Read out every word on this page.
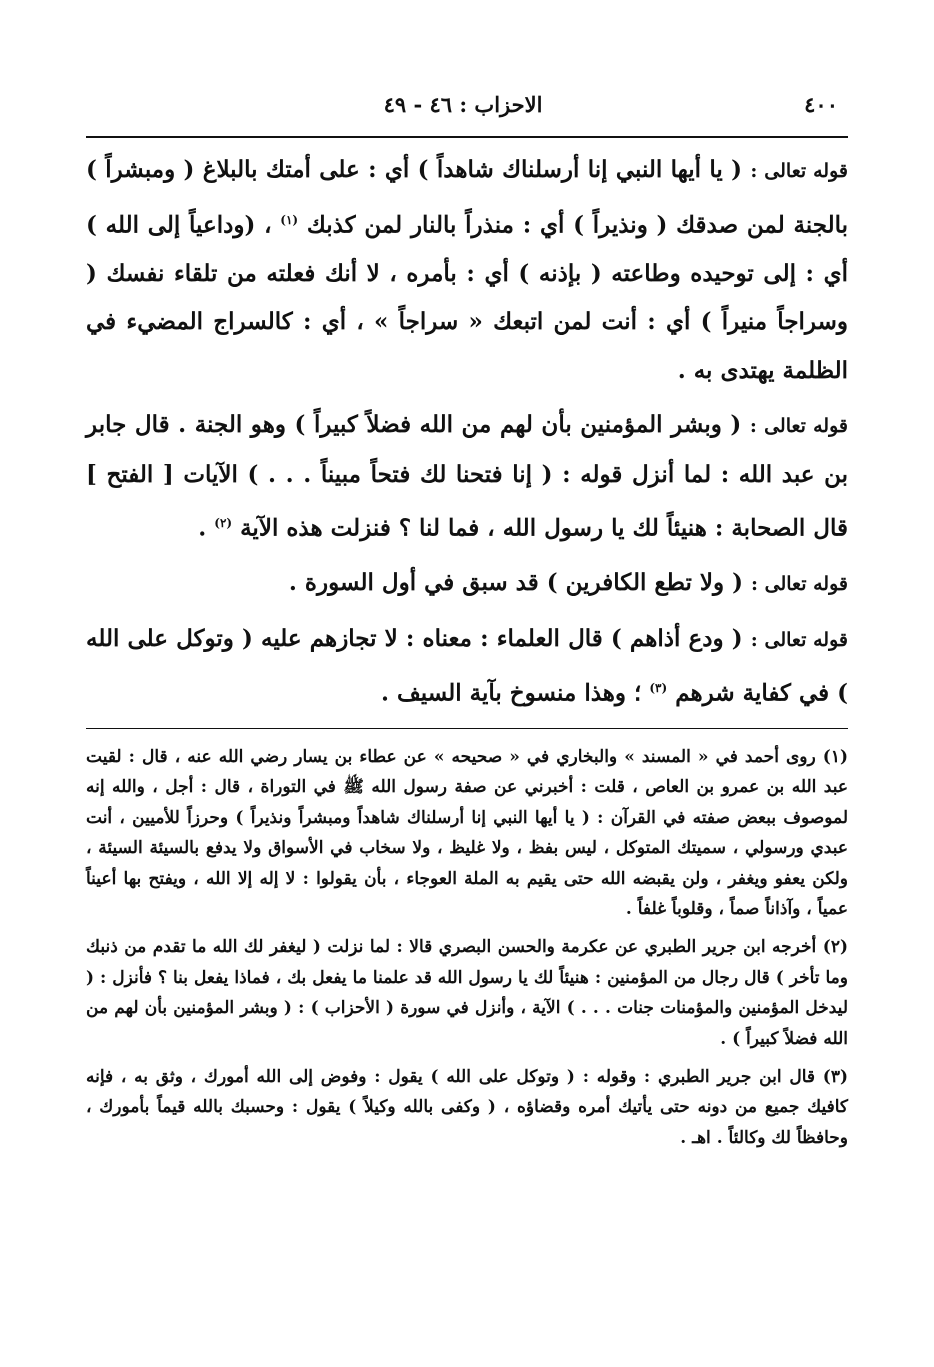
٤٠٠
الاحزاب : ٤٦ - ٤٩

قوله تعالى : ( يا أيها النبي إنا أرسلناك شاهداً ) أي : على أمتك بالبلاغ ( ومبشراً ) بالجنة لمن صدقك ( ونذيراً ) أي : منذراً بالنار لمن كذبك $^{(١)}$ ، (وداعياً إلى الله ) أي : إلى توحيده وطاعته ( بإذنه ) أي : بأمره ، لا أنك فعلته من تلقاء نفسك ( وسراجاً منيراً ) أي : أنت لمن اتبعك « سراجاً » ، أي : كالسراج المضيء في الظلمة يهتدى به .

قوله تعالى : ( وبشر المؤمنين بأن لهم من الله فضلاً كبيراً ) وهو الجنة . قال جابر بن عبد الله : لما أنزل قوله : ( إنا فتحنا لك فتحاً مبيناً . . . ) الآيات [ الفتح ] قال الصحابة : هنيئاً لك يا رسول الله ، فما لنا ؟ فنزلت هذه الآية $^{(٢)}$ .

قوله تعالى : ( ولا تطع الكافرين ) قد سبق في أول السورة .

قوله تعالى : ( ودع أذاهم ) قال العلماء : معناه : لا تجازهم عليه ( وتوكل على الله ) في كفاية شرهم $^{(٣)}$ ؛ وهذا منسوخ بآية السيف .

(١) روى أحمد في « المسند » والبخاري في « صحيحه » عن عطاء بن يسار رضي الله عنه ، قال : لقيت عبد الله بن عمرو بن العاص ، قلت : أخبرني عن صفة رسول الله ﷺ في التوراة ، قال : أجل ، والله إنه لموصوف ببعض صفته في القرآن : ( يا أيها النبي إنا أرسلناك شاهداً ومبشراً ونذيراً ) وحرزاً للأميين ، أنت عبدي ورسولي ، سميتك المتوكل ، ليس بفظ ، ولا غليظ ، ولا سخاب في الأسواق ولا يدفع بالسيئة السيئة ، ولكن يعفو ويغفر ، ولن يقبضه الله حتى يقيم به الملة العوجاء ، بأن يقولوا : لا إله إلا الله ، ويفتح بها أعيناً عمياً ، وآذاناً صماً ، وقلوباً غلفاً .

(٢) أخرجه ابن جرير الطبري عن عكرمة والحسن البصري قالا : لما نزلت ( ليغفر لك الله ما تقدم من ذنبك وما تأخر ) قال رجال من المؤمنين : هنيئاً لك يا رسول الله قد علمنا ما يفعل بك ، فماذا يفعل بنا ؟ فأنزل : ( ليدخل المؤمنين والمؤمنات جنات . . . ) الآية ، وأنزل في سورة ( الأحزاب ) : ( وبشر المؤمنين بأن لهم من الله فضلاً كبيراً ) .

(٣) قال ابن جرير الطبري : وقوله : ( وتوكل على الله ) يقول : وفوض إلى الله أمورك ، وثق به ، فإنه كافيك جميع من دونه حتى يأتيك أمره وقضاؤه ، ( وكفى بالله وكيلاً ) يقول : وحسبك بالله قيماً بأمورك ، وحافظاً لك وكالئاً . اهـ .
